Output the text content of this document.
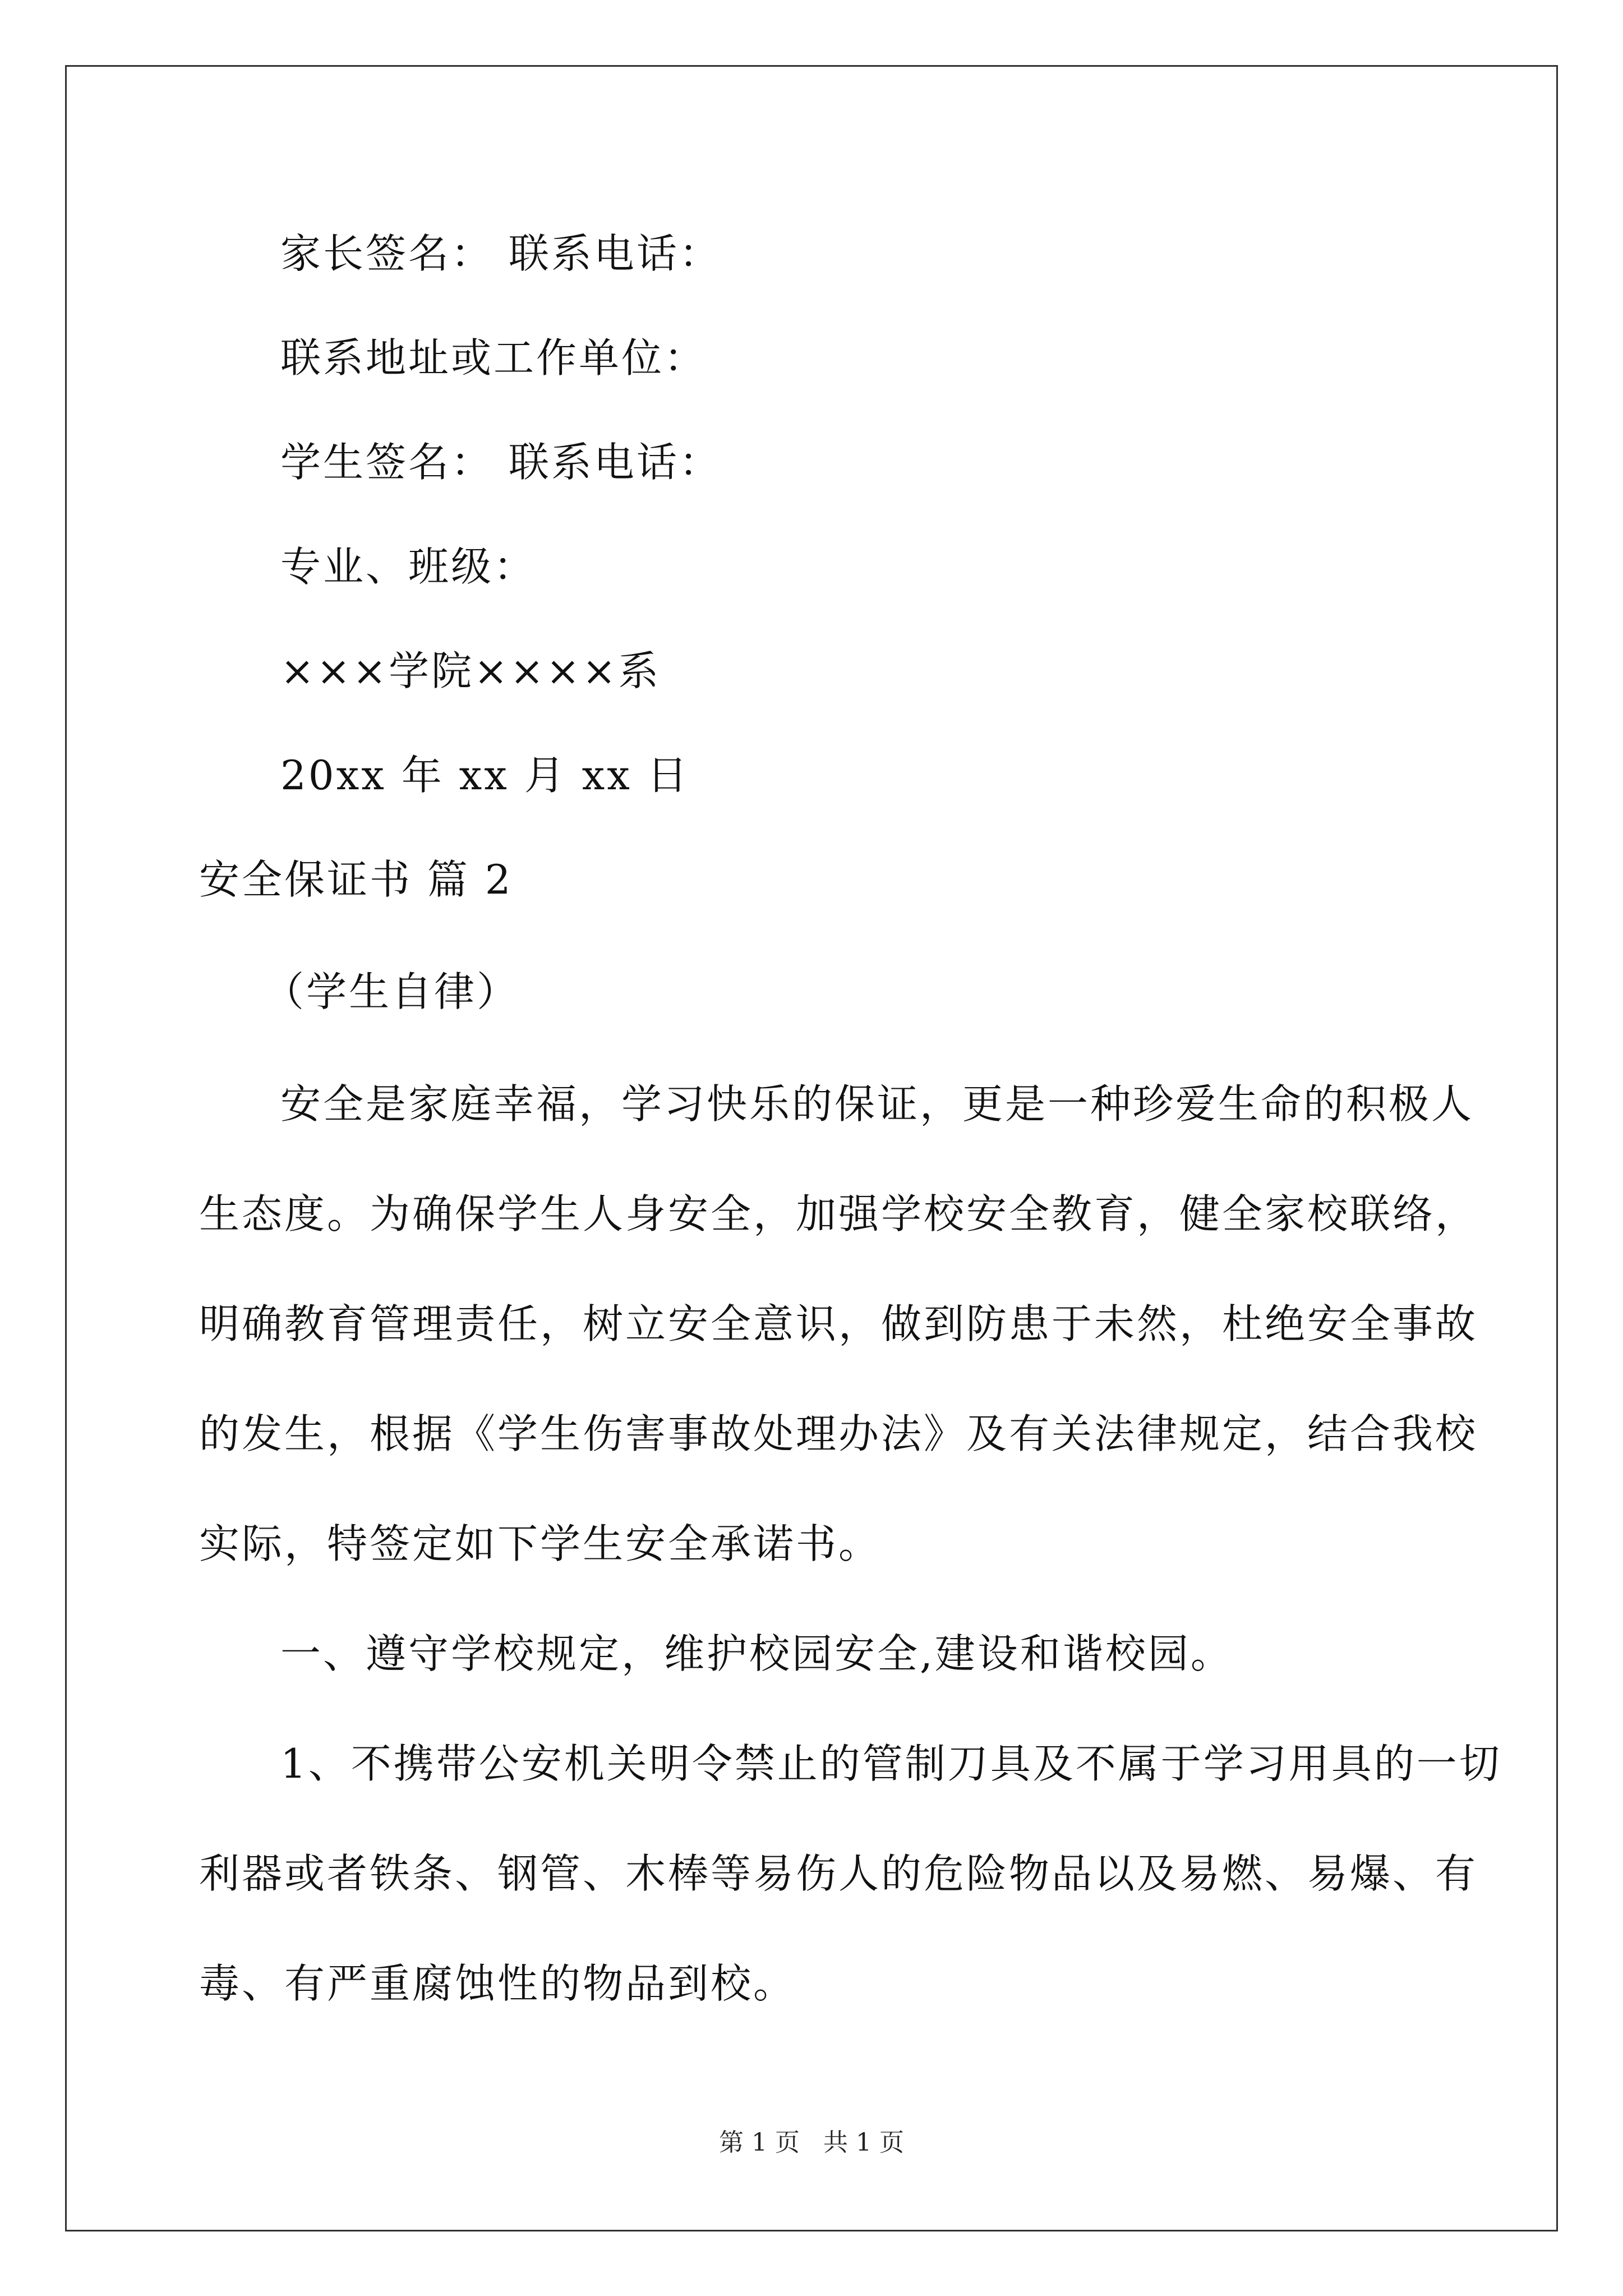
家长签名： 联系电话：
联系地址或工作单位：
学生签名： 联系电话：
专业、班级：
×××学院××××系
20xx 年 xx 月 xx 日
安全保证书 篇 2
（学生自律）
安全是家庭幸福，学习快乐的保证，更是一种珍爱生命的积极人
生态度。为确保学生人身安全，加强学校安全教育，健全家校联络，
明确教育管理责任，树立安全意识，做到防患于未然，杜绝安全事故
的发生，根据《学生伤害事故处理办法》及有关法律规定，结合我校
实际，特签定如下学生安全承诺书。
一、遵守学校规定，维护校园安全,建设和谐校园。
1、不携带公安机关明令禁止的管制刀具及不属于学习用具的一切
利器或者铁条、钢管、木棒等易伤人的危险物品以及易燃、易爆、有
毒、有严重腐蚀性的物品到校。
第 1 页 共 1 页
